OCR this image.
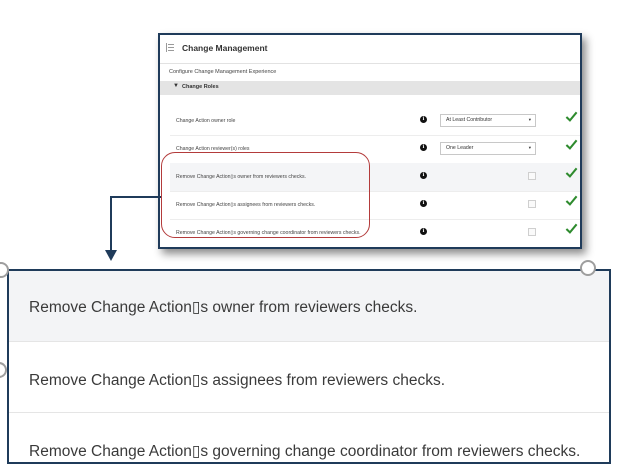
Change Management
Configure Change Management Experience
▼ Change Roles
Change Action owner role	i	At Least Contributor	▾
Change Action reviewer(s) roles	i	One Leader	▾
Remove Change Action▯s owner from reviewers checks.	i
Remove Change Action▯s assignees from reviewers checks.	i
Remove Change Action▯s governing change coordinator from reviewers checks.	i
Remove Change Action▯s owner from reviewers checks.
Remove Change Action▯s assignees from reviewers checks.
Remove Change Action▯s governing change coordinator from reviewers checks.
